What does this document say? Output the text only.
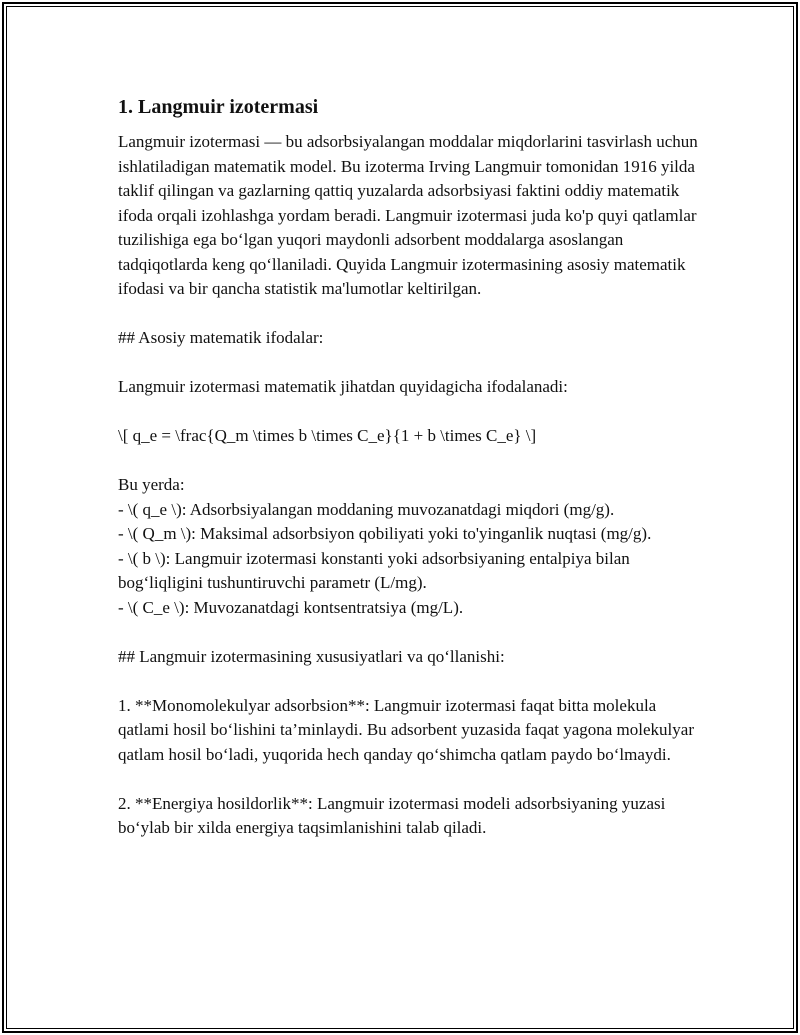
1. Langmuir izotermasi

Langmuir izotermasi — bu adsorbsiyalangan moddalar miqdorlarini tasvirlash uchun ishlatiladigan matematik model. Bu izoterma Irving Langmuir tomonidan 1916 yilda taklif qilingan va gazlarning qattiq yuzalarda adsorbsiyasi faktini oddiy matematik ifoda orqali izohlashga yordam beradi. Langmuir izotermasi juda ko'p quyi qatlamlar tuzilishiga ega bo‘lgan yuqori maydonli adsorbent moddalarga asoslangan tadqiqotlarda keng qo‘llaniladi. Quyida Langmuir izotermasining asosiy matematik ifodasi va bir qancha statistik ma'lumotlar keltirilgan.

## Asosiy matematik ifodalar:

Langmuir izotermasi matematik jihatdan quyidagicha ifodalanadi:

\[ q_e = \frac{Q_m \times b \times C_e}{1 + b \times C_e} \]

Bu yerda:

- \( q_e \): Adsorbsiyalangan moddaning muvozanatdagi miqdori (mg/g).

- \( Q_m \): Maksimal adsorbsiyon qobiliyati yoki to'yinganlik nuqtasi (mg/g).

- \( b \): Langmuir izotermasi konstanti yoki adsorbsiyaning entalpiya bilan bog‘liqligini tushuntiruvchi parametr (L/mg).

- \( C_e \): Muvozanatdagi kontsentratsiya (mg/L).

## Langmuir izotermasining xususiyatlari va qo‘llanishi:

1. **Monomolekulyar adsorbsion**: Langmuir izotermasi faqat bitta molekula qatlami hosil bo‘lishini ta’minlaydi. Bu adsorbent yuzasida faqat yagona molekulyar qatlam hosil bo‘ladi, yuqorida hech qanday qo‘shimcha qatlam paydo bo‘lmaydi.

2. **Energiya hosildorlik**: Langmuir izotermasi modeli adsorbsiyaning yuzasi bo‘ylab bir xilda energiya taqsimlanishini talab qiladi.
